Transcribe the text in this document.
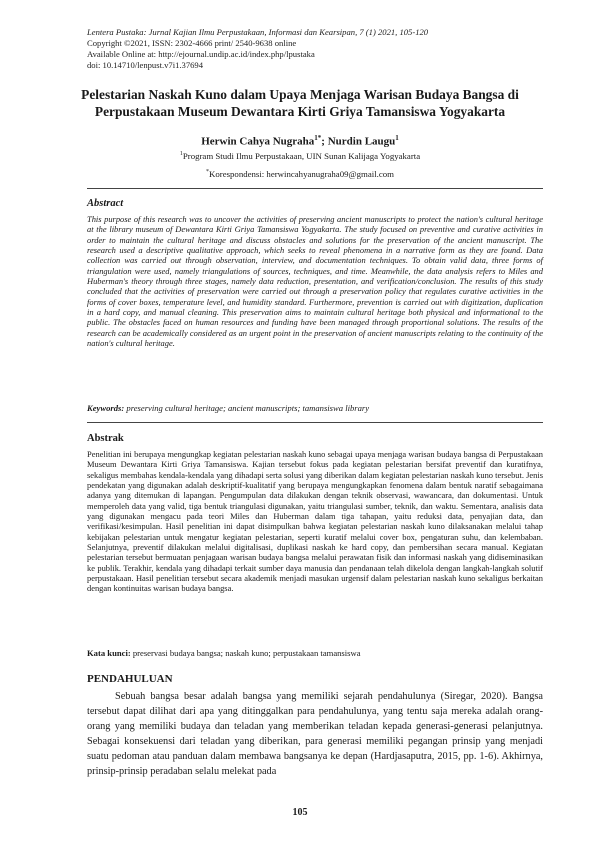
Lentera Pustaka: Jurnal Kajian Ilmu Perpustakaan, Informasi dan Kearsipan, 7 (1) 2021, 105-120
Copyright ©2021, ISSN: 2302-4666 print/ 2540-9638 online
Available Online at: http://ejournal.undip.ac.id/index.php/lpustaka
doi: 10.14710/lenpust.v7i1.37694
Pelestarian Naskah Kuno dalam Upaya Menjaga Warisan Budaya Bangsa di Perpustakaan Museum Dewantara Kirti Griya Tamansiswa Yogyakarta
Herwin Cahya Nugraha$^{1*}$; Nurdin Laugu$^1$
$^1$Program Studi Ilmu Perpustakaan, UIN Sunan Kalijaga Yogyakarta
*Korespondensi: herwincahyanugraha09@gmail.com
Abstract
This purpose of this research was to uncover the activities of preserving ancient manuscripts to protect the nation's cultural heritage at the library museum of Dewantara Kirti Griya Tamansiswa Yogyakarta. The study focused on preventive and curative activities in order to maintain the cultural heritage and discuss obstacles and solutions for the preservation of the ancient manuscript. The research used a descriptive qualitative approach, which seeks to reveal phenomena in a narrative form as they are found. Data collection was carried out through observation, interview, and documentation techniques. To obtain valid data, three forms of triangulation were used, namely triangulations of sources, techniques, and time. Meanwhile, the data analysis refers to Miles and Huberman's theory through three stages, namely data reduction, presentation, and verification/conclusion. The results of this study concluded that the activities of preservation were carried out through a preservation policy that regulates curative activities in the forms of cover boxes, temperature level, and humidity standard. Furthermore, prevention is carried out with digitization, duplication in a hard copy, and manual cleaning. This preservation aims to maintain cultural heritage both physical and informational to the public. The obstacles faced on human resources and funding have been managed through proportional solutions. The results of the research can be academically considered as an urgent point in the preservation of ancient manuscripts relating to the continuity of the nation's cultural heritage.
Keywords: preserving cultural heritage; ancient manuscripts; tamansiswa library
Abstrak
Penelitian ini berupaya mengungkap kegiatan pelestarian naskah kuno sebagai upaya menjaga warisan budaya bangsa di Perpustakaan Museum Dewantara Kirti Griya Tamansiswa. Kajian tersebut fokus pada kegiatan pelestarian bersifat preventif dan kuratifnya, sekaligus membahas kendala-kendala yang dihadapi serta solusi yang diberikan dalam kegiatan pelestarian naskah kuno tersebut. Jenis pendekatan yang digunakan adalah deskriptif-kualitatif yang berupaya mengungkapkan fenomena dalam bentuk naratif sebagaimana adanya yang ditemukan di lapangan. Pengumpulan data dilakukan dengan teknik observasi, wawancara, dan dokumentasi. Untuk memperoleh data yang valid, tiga bentuk triangulasi digunakan, yaitu triangulasi sumber, teknik, dan waktu. Sementara, analisis data yang digunakan mengacu pada teori Miles dan Huberman dalam tiga tahapan, yaitu reduksi data, penyajian data, dan verifikasi/kesimpulan. Hasil penelitian ini dapat disimpulkan bahwa kegiatan pelestarian naskah kuno dilaksanakan melalui tahap kebijakan pelestarian untuk mengatur kegiatan pelestarian, seperti kuratif melalui cover box, pengaturan suhu, dan kelembaban. Selanjutnya, preventif dilakukan melalui digitalisasi, duplikasi naskah ke hard copy, dan pembersihan secara manual. Kegiatan pelestarian tersebut bermuatan penjagaan warisan budaya bangsa melalui perawatan fisik dan informasi naskah yang didiseminasikan ke publik. Terakhir, kendala yang dihadapi terkait sumber daya manusia dan pendanaan telah dikelola dengan langkah-langkah solutif perpustakaan. Hasil penelitian tersebut secara akademik menjadi masukan urgensif dalam pelestarian naskah kuno sekaligus berkaitan dengan kontinuitas warisan budaya bangsa.
Kata kunci: preservasi budaya bangsa; naskah kuno; perpustakaan tamansiswa
PENDAHULUAN

Sebuah bangsa besar adalah bangsa yang memiliki sejarah pendahulunya (Siregar, 2020). Bangsa tersebut dapat dilihat dari apa yang ditinggalkan para pendahulunya, yang tentu saja mereka adalah orang-orang yang memiliki budaya dan teladan yang memberikan teladan kepada generasi-generasi pelanjutnya. Sebagai konsekuensi dari teladan yang diberikan, para generasi memiliki pegangan prinsip yang menjadi suatu pedoman atau panduan dalam membawa bangsanya ke depan (Hardjasaputra, 2015, pp. 1-6). Akhirnya, prinsip-prinsip peradaban selalu melekat pada

105
